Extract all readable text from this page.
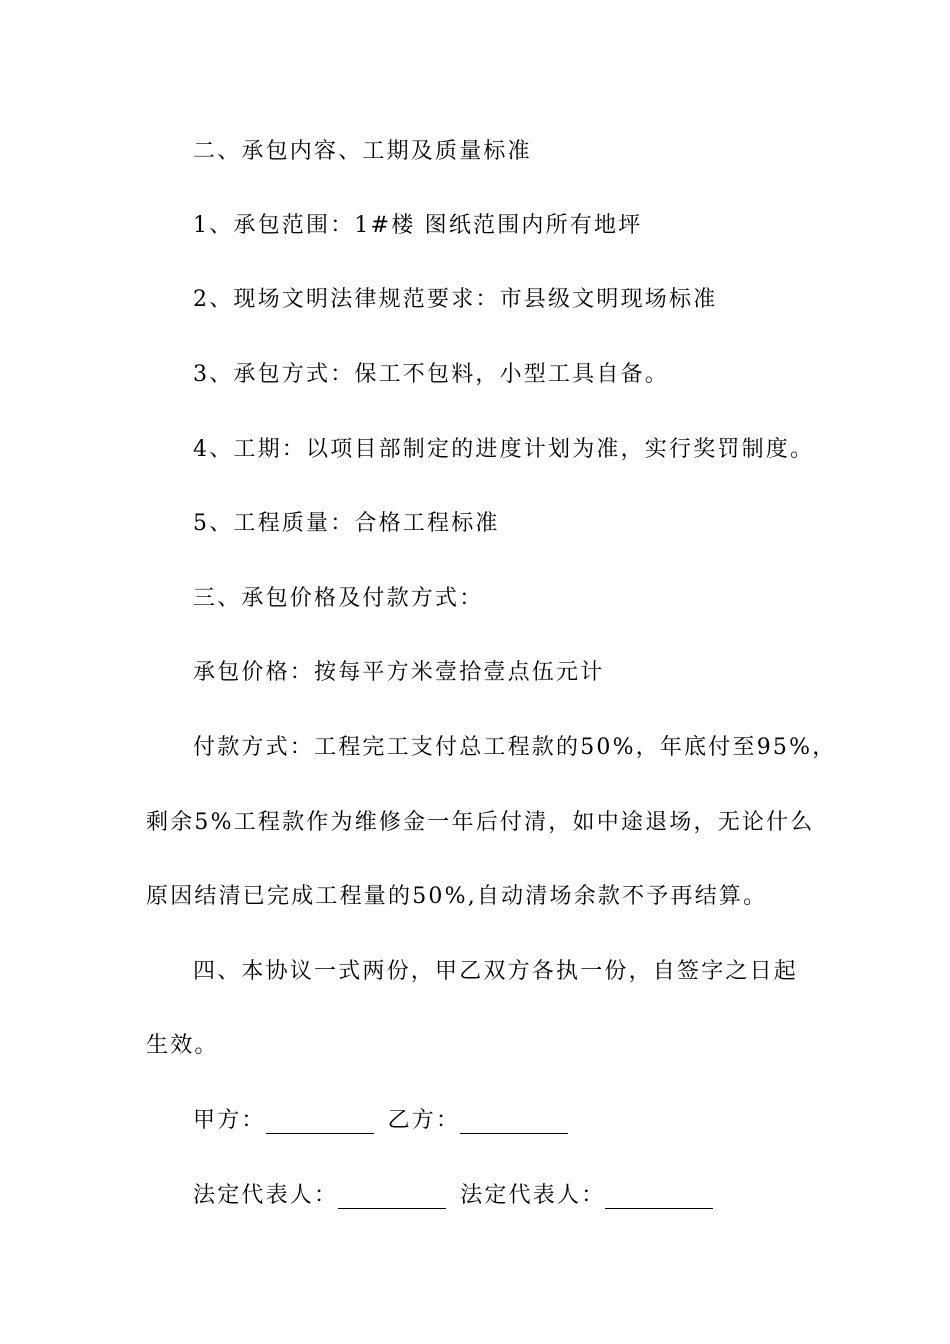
二、承包内容、工期及质量标准
1、承包范围：1#楼 图纸范围内所有地坪
2、现场文明法律规范要求：市县级文明现场标准
3、承包方式：保工不包料，小型工具自备。
4、工期：以项目部制定的进度计划为准，实行奖罚制度。
5、工程质量：合格工程标准
三、承包价格及付款方式：
承包价格：按每平方米壹拾壹点伍元计
付款方式：工程完工支付总工程款的50%，年底付至95%，
剩余5%工程款作为维修金一年后付清，如中途退场，无论什么
原因结清已完成工程量的50%,自动清场余款不予再结算。
四、本协议一式两份，甲乙双方各执一份，自签字之日起
生效。
甲方：	乙方：
法定代表人：	法定代表人：
